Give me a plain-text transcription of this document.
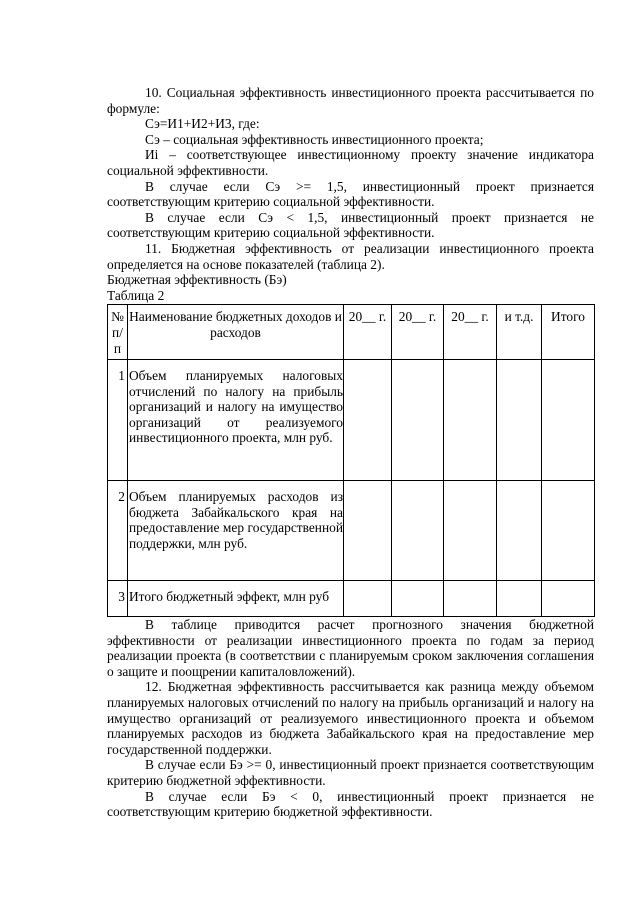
10. Социальная эффективность инвестиционного проекта рассчитывается по формуле:

Сэ=И1+И2+И3, где:

Сэ – социальная эффективность инвестиционного проекта;

Иi – соответствующее инвестиционному проекту значение индикатора социальной эффективности.

В случае если Сэ >= 1,5, инвестиционный проект признается соответствующим критерию социальной эффективности.

В случае если Сэ < 1,5, инвестиционный проект признается не соответствующим критерию социальной эффективности.

11. Бюджетная эффективность от реализации инвестиционного проекта определяется на основе показателей (таблица 2).

Бюджетная эффективность (Бэ)

Таблица 2

№ п/п	Наименование бюджетных доходов и расходов	20__ г.	20__ г.	20__ г.	и т.д.	Итого
1	Объем планируемых налоговых отчислений по налогу на прибыль организаций и налогу на имущество организаций от реализуемого инвестиционного проекта, млн руб.					
2	Объем планируемых расходов из бюджета Забайкальского края на предоставление мер государственной поддержки, млн руб.					
3	Итого бюджетный эффект, млн руб					

В таблице приводится расчет прогнозного значения бюджетной эффективности от реализации инвестиционного проекта по годам за период реализации проекта (в соответствии с планируемым сроком заключения соглашения о защите и поощрении капиталовложений).

12. Бюджетная эффективность рассчитывается как разница между объемом планируемых налоговых отчислений по налогу на прибыль организаций и налогу на имущество организаций от реализуемого инвестиционного проекта и объемом планируемых расходов из бюджета Забайкальского края на предоставление мер государственной поддержки.

В случае если Бэ >= 0, инвестиционный проект признается соответствующим критерию бюджетной эффективности.

В случае если Бэ < 0, инвестиционный проект признается не соответствующим критерию бюджетной эффективности.
